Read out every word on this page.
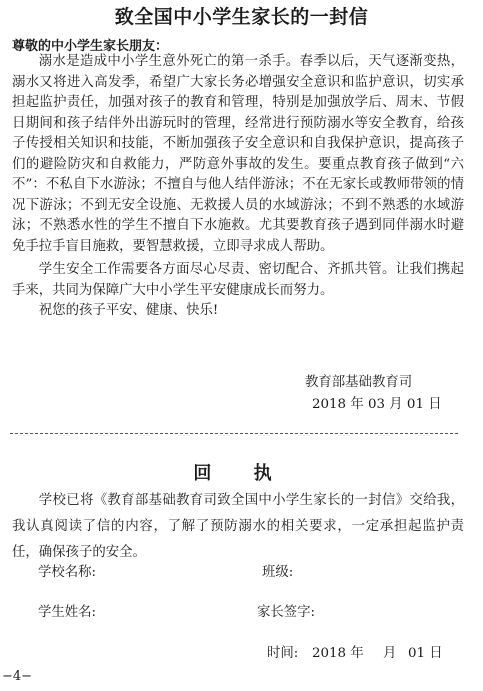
致全国中小学生家长的一封信
尊敬的中小学生家长朋友：

溺水是造成中小学生意外死亡的第一杀手。春季以后，天气逐渐变热，溺水又将进入高发季，希望广大家长务必增强安全意识和监护意识，切实承担起监护责任，加强对孩子的教育和管理，特别是加强放学后、周末、节假日期间和孩子结伴外出游玩时的管理，经常进行预防溺水等安全教育，给孩子传授相关知识和技能，不断加强孩子安全意识和自我保护意识，提高孩子们的避险防灾和自救能力，严防意外事故的发生。要重点教育孩子做到“六不”：不私自下水游泳；不擅自与他人结伴游泳；不在无家长或教师带领的情况下游泳；不到无安全设施、无救援人员的水域游泳；不到不熟悉的水域游泳；不熟悉水性的学生不擅自下水施救。尤其要教育孩子遇到同伴溺水时避免手拉手盲目施救，要智慧救援，立即寻求成人帮助。

学生安全工作需要各方面尽心尽责、密切配合、齐抓共管。让我们携起手来，共同为保障广大中小学生平安健康成长而努力。

祝您的孩子平安、健康、快乐!

教育部基础教育司
2018 年 03 月 01 日
回 执

学校已将《教育部基础教育司致全国中小学生家长的一封信》交给我，我认真阅读了信的内容，了解了预防溺水的相关要求，一定承担起监护责任，确保孩子的安全。

学校名称:	班级:
学生姓名:	家长签字:
时间: 2018 年 月 01 日
−4−
